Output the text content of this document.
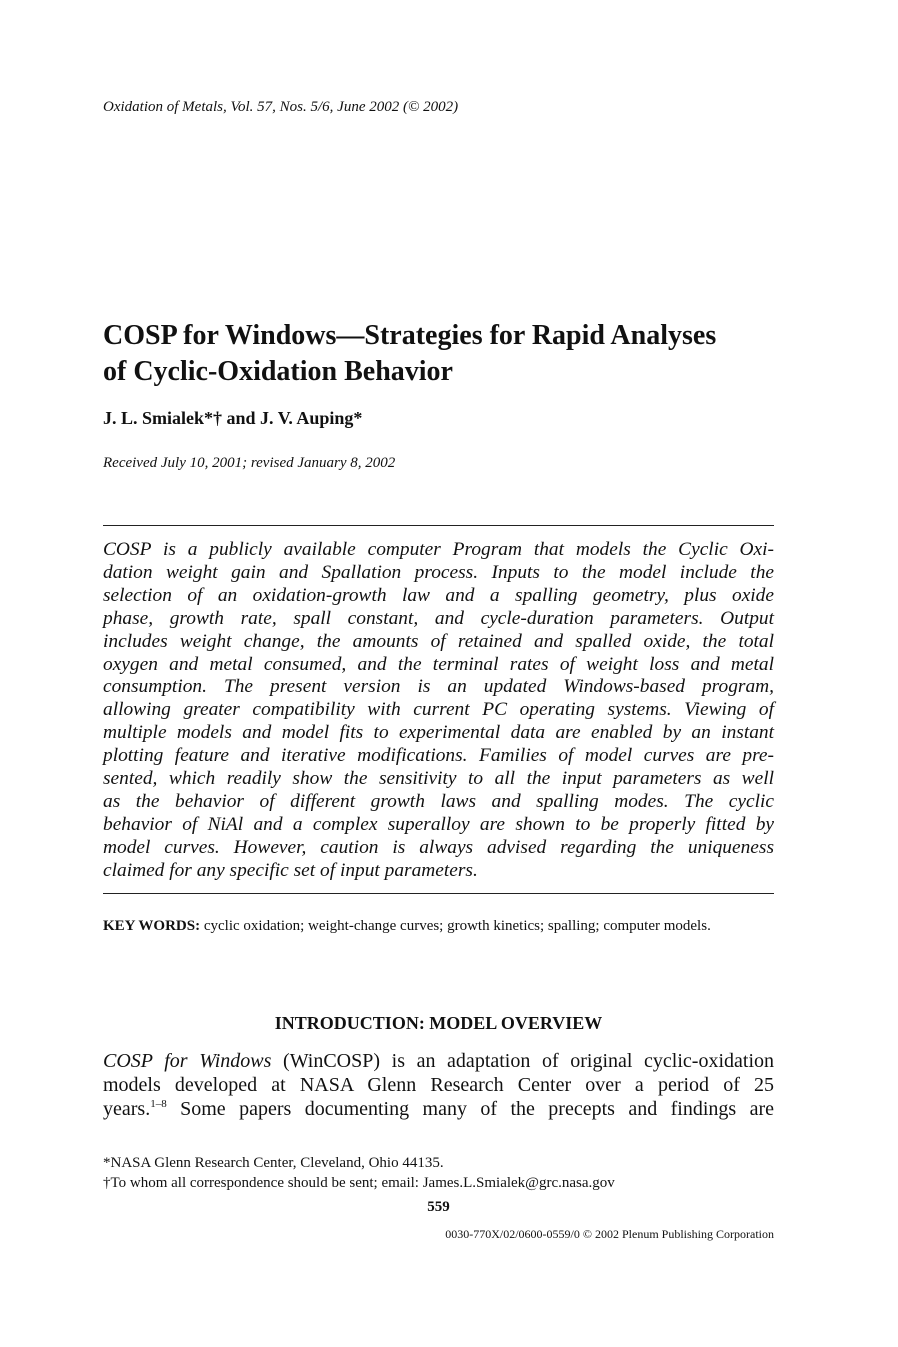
Oxidation of Metals, Vol. 57, Nos. 5/6, June 2002 (© 2002)
COSP for Windows—Strategies for Rapid Analyses
of Cyclic-Oxidation Behavior
J. L. Smialek*† and J. V. Auping*
Received July 10, 2001; revised January 8, 2002

COSP is a publicly available computer Program that models the Cyclic Oxi-
dation weight gain and Spallation process. Inputs to the model include the
selection of an oxidation-growth law and a spalling geometry, plus oxide
phase, growth rate, spall constant, and cycle-duration parameters. Output
includes weight change, the amounts of retained and spalled oxide, the total
oxygen and metal consumed, and the terminal rates of weight loss and metal
consumption. The present version is an updated Windows-based program,
allowing greater compatibility with current PC operating systems. Viewing of
multiple models and model fits to experimental data are enabled by an instant
plotting feature and iterative modifications. Families of model curves are pre-
sented, which readily show the sensitivity to all the input parameters as well
as the behavior of different growth laws and spalling modes. The cyclic
behavior of NiAl and a complex superalloy are shown to be properly fitted by
model curves. However, caution is always advised regarding the uniqueness
claimed for any specific set of input parameters.

KEY WORDS: cyclic oxidation; weight-change curves; growth kinetics; spalling; computer models.

INTRODUCTION: MODEL OVERVIEW

COSP for Windows (WinCOSP) is an adaptation of original cyclic-oxidation
models developed at NASA Glenn Research Center over a period of 25
years.$^{1-8}$ Some papers documenting many of the precepts and findings are

*NASA Glenn Research Center, Cleveland, Ohio 44135.
†To whom all correspondence should be sent; email: James.L.Smialek@grc.nasa.gov
559
0030-770X/02/0600-0559/0 © 2002 Plenum Publishing Corporation
